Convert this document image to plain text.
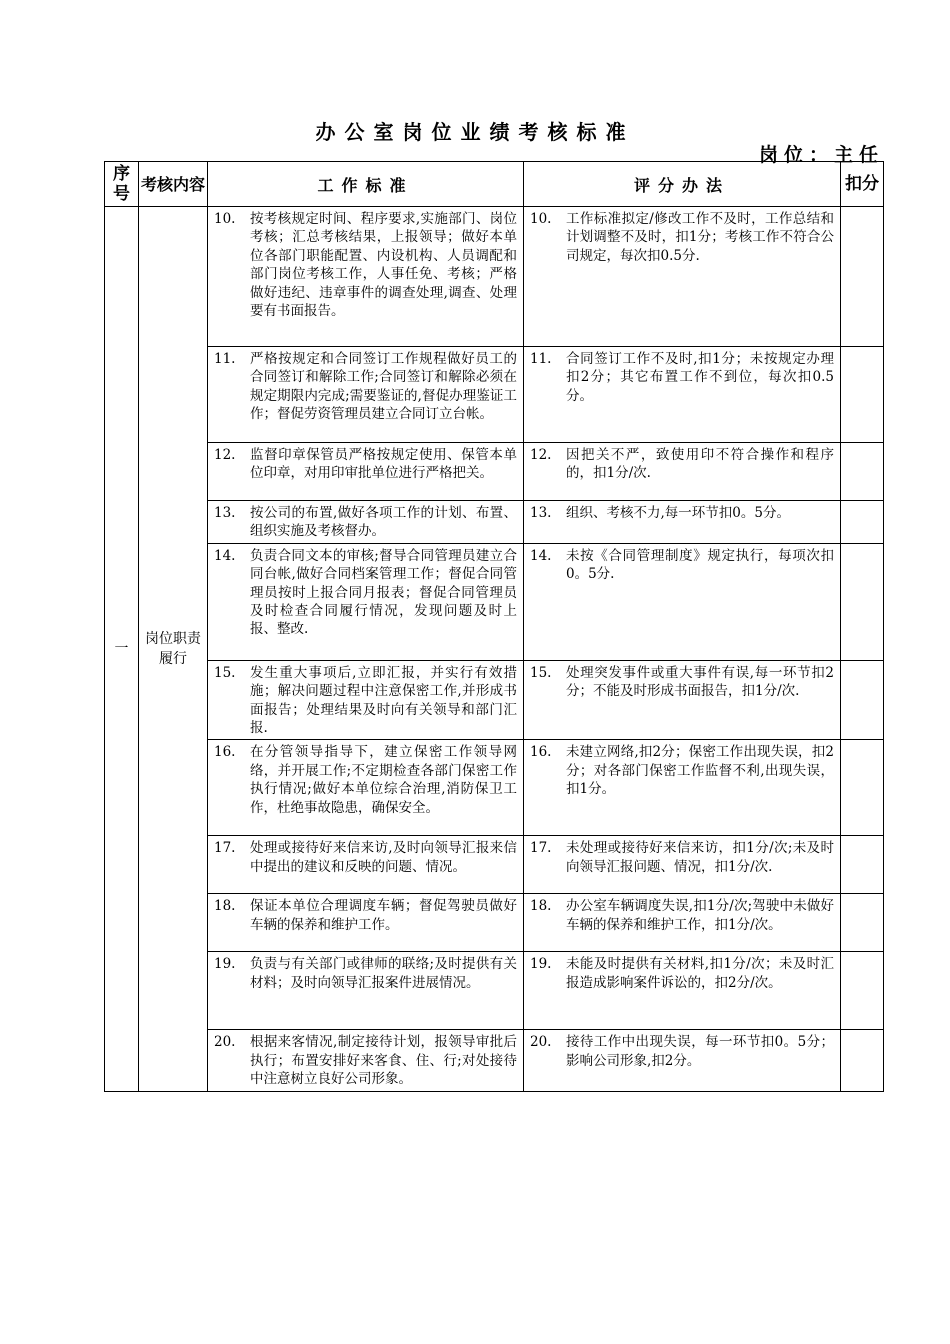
办公室岗位业绩考核标准
岗位：主任
序号	考核内容	工作标准	评分办法	扣分
一	岗位职责履行	10. 按考核规定时间、程序要求,实施部门、岗位考核；汇总考核结果，上报领导；做好本单位各部门职能配置、内设机构、人员调配和部门岗位考核工作，人事任免、考核；严格做好违纪、违章事件的调查处理,调查、处理要有书面报告。	10. 工作标准拟定/修改工作不及时，工作总结和计划调整不及时，扣1分；考核工作不符合公司规定，每次扣0.5分.	

		11. 严格按规定和合同签订工作规程做好员工的合同签订和解除工作;合同签订和解除必须在规定期限内完成;需要鉴证的,督促办理鉴证工作；督促劳资管理员建立合同订立台帐。	11. 合同签订工作不及时,扣1分；未按规定办理扣2分；其它布置工作不到位，每次扣0.5分。	

		12. 监督印章保管员严格按规定使用、保管本单位印章，对用印审批单位进行严格把关。	12. 因把关不严，致使用印不符合操作和程序的，扣1分/次.	

		13. 按公司的布置,做好各项工作的计划、布置、组织实施及考核督办。	13. 组织、考核不力,每一环节扣0。5分。	

		14. 负责合同文本的审核;督导合同管理员建立合同台帐,做好合同档案管理工作；督促合同管理员按时上报合同月报表；督促合同管理员及时检查合同履行情况，发现问题及时上报、整改.	14. 未按《合同管理制度》规定执行，每项次扣0。5分.	

		15. 发生重大事项后,立即汇报，并实行有效措施；解决问题过程中注意保密工作,并形成书面报告；处理结果及时向有关领导和部门汇报.	15. 处理突发事件或重大事件有误,每一环节扣2分；不能及时形成书面报告，扣1分/次.	

		16. 在分管领导指导下，建立保密工作领导网络，并开展工作;不定期检查各部门保密工作执行情况;做好本单位综合治理,消防保卫工作，杜绝事故隐患，确保安全。	16. 未建立网络,扣2分；保密工作出现失误，扣2分；对各部门保密工作监督不利,出现失误，扣1分。	

		17. 处理或接待好来信来访,及时向领导汇报来信中提出的建议和反映的问题、情况。	17. 未处理或接待好来信来访，扣1分/次;未及时向领导汇报问题、情况，扣1分/次.	

		18. 保证本单位合理调度车辆；督促驾驶员做好车辆的保养和维护工作。	18. 办公室车辆调度失误,扣1分/次;驾驶中未做好车辆的保养和维护工作，扣1分/次。	

		19. 负责与有关部门或律师的联络;及时提供有关材料；及时向领导汇报案件进展情况。	19. 未能及时提供有关材料,扣1分/次；未及时汇报造成影响案件诉讼的，扣2分/次。	

		20. 根据来客情况,制定接待计划，报领导审批后执行；布置安排好来客食、住、行;对处接待中注意树立良好公司形象。	20. 接待工作中出现失误，每一环节扣0。5分；影响公司形象,扣2分。	
